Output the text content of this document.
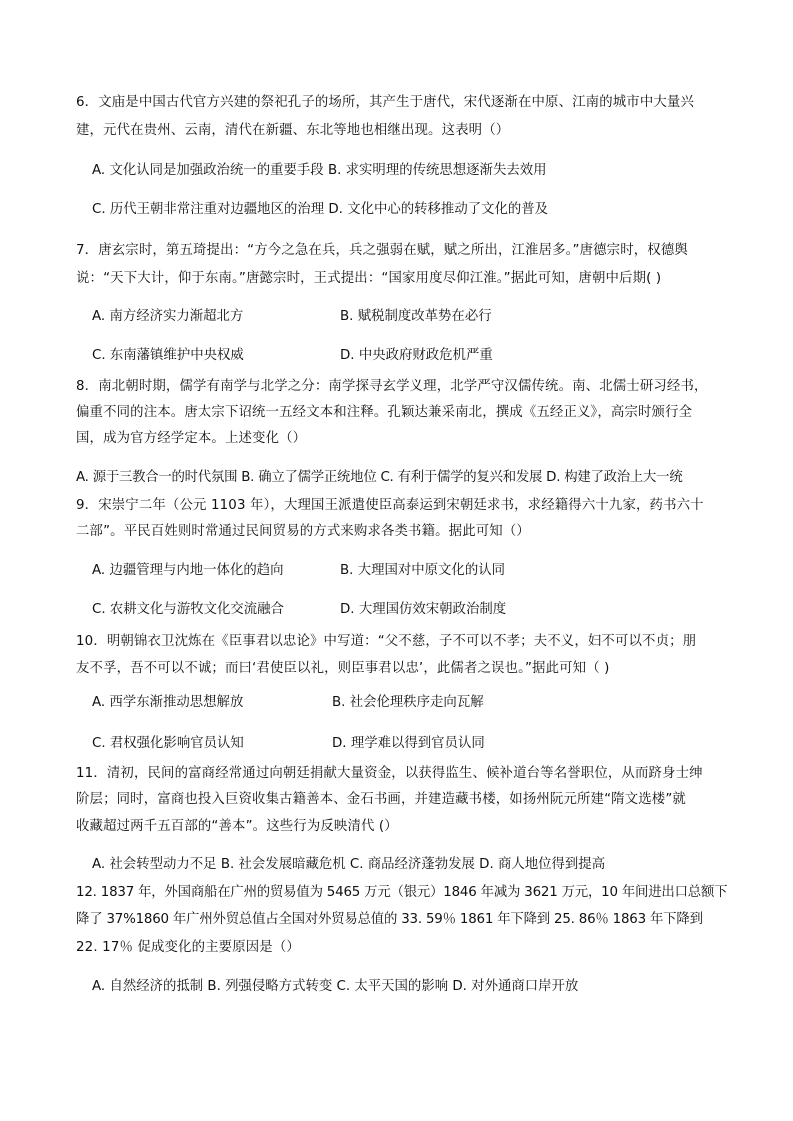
6．文庙是中国古代官方兴建的祭祀孔子的场所，其产生于唐代，宋代逐渐在中原、江南的城市中大量兴
建，元代在贵州、云南，清代在新疆、东北等地也相继出现。这表明（）
A. 文化认同是加强政治统一的重要手段 B. 求实明理的传统思想逐渐失去效用
C. 历代王朝非常注重对边疆地区的治理 D. 文化中心的转移推动了文化的普及
7．唐玄宗时，第五琦提出：“方今之急在兵，兵之强弱在赋，赋之所出，江淮居多。”唐德宗时，权德舆
说：“天下大计，仰于东南。”唐懿宗时，王式提出：“国家用度尽仰江淮。”据此可知，唐朝中后期( )
A. 南方经济实力渐超北方	B. 赋税制度改革势在必行
C. 东南藩镇维护中央权威	D. 中央政府财政危机严重
8．南北朝时期，儒学有南学与北学之分：南学探寻玄学义理，北学严守汉儒传统。南、北儒士研习经书，
偏重不同的注本。唐太宗下诏统一五经文本和注释。孔颖达兼采南北，撰成《五经正义》，高宗时颁行全
国，成为官方经学定本。上述变化（）
A. 源于三教合一的时代氛围 B. 确立了儒学正统地位 C. 有利于儒学的复兴和发展 D. 构建了政治上大一统
9．宋崇宁二年（公元 1103 年），大理国王派遣使臣高泰运到宋朝廷求书，求经籍得六十九家，药书六十
二部”。平民百姓则时常通过民间贸易的方式来购求各类书籍。据此可知（）
A. 边疆管理与内地一体化的趋向	B. 大理国对中原文化的认同
C. 农耕文化与游牧文化交流融合	D. 大理国仿效宋朝政治制度
10．明朝锦衣卫沈炼在《臣事君以忠论》中写道：“父不慈，子不可以不孝；夫不义，妇不可以不贞；朋
友不孚，吾不可以不诚；而曰‘君使臣以礼，则臣事君以忠’，此儒者之误也。”据此可知（ )
A. 西学东渐推动思想解放	B. 社会伦理秩序走向瓦解
C. 君权强化影响官员认知	D. 理学难以得到官员认同
11．清初，民间的富商经常通过向朝廷捐献大量资金，以获得监生、候补道台等名誉职位，从而跻身士绅
阶层；同时，富商也投入巨资收集古籍善本、金石书画，并建造藏书楼，如扬州阮元所建“隋文选楼”就
收藏超过两千五百部的“善本”。这些行为反映清代 (）
A. 社会转型动力不足 B. 社会发展暗藏危机 C. 商品经济蓬勃发展 D. 商人地位得到提高
12. 1837 年，外国商船在广州的贸易值为 5465 万元（银元）1846 年减为 3621 万元，10 年间进出口总额下
降了 37%1860 年广州外贸总值占全国对外贸易总值的 33. 59％ 1861 年下降到 25. 86％ 1863 年下降到
22. 17％ 促成变化的主要原因是（）
A. 自然经济的抵制 B. 列强侵略方式转变 C. 太平天国的影响 D. 对外通商口岸开放
